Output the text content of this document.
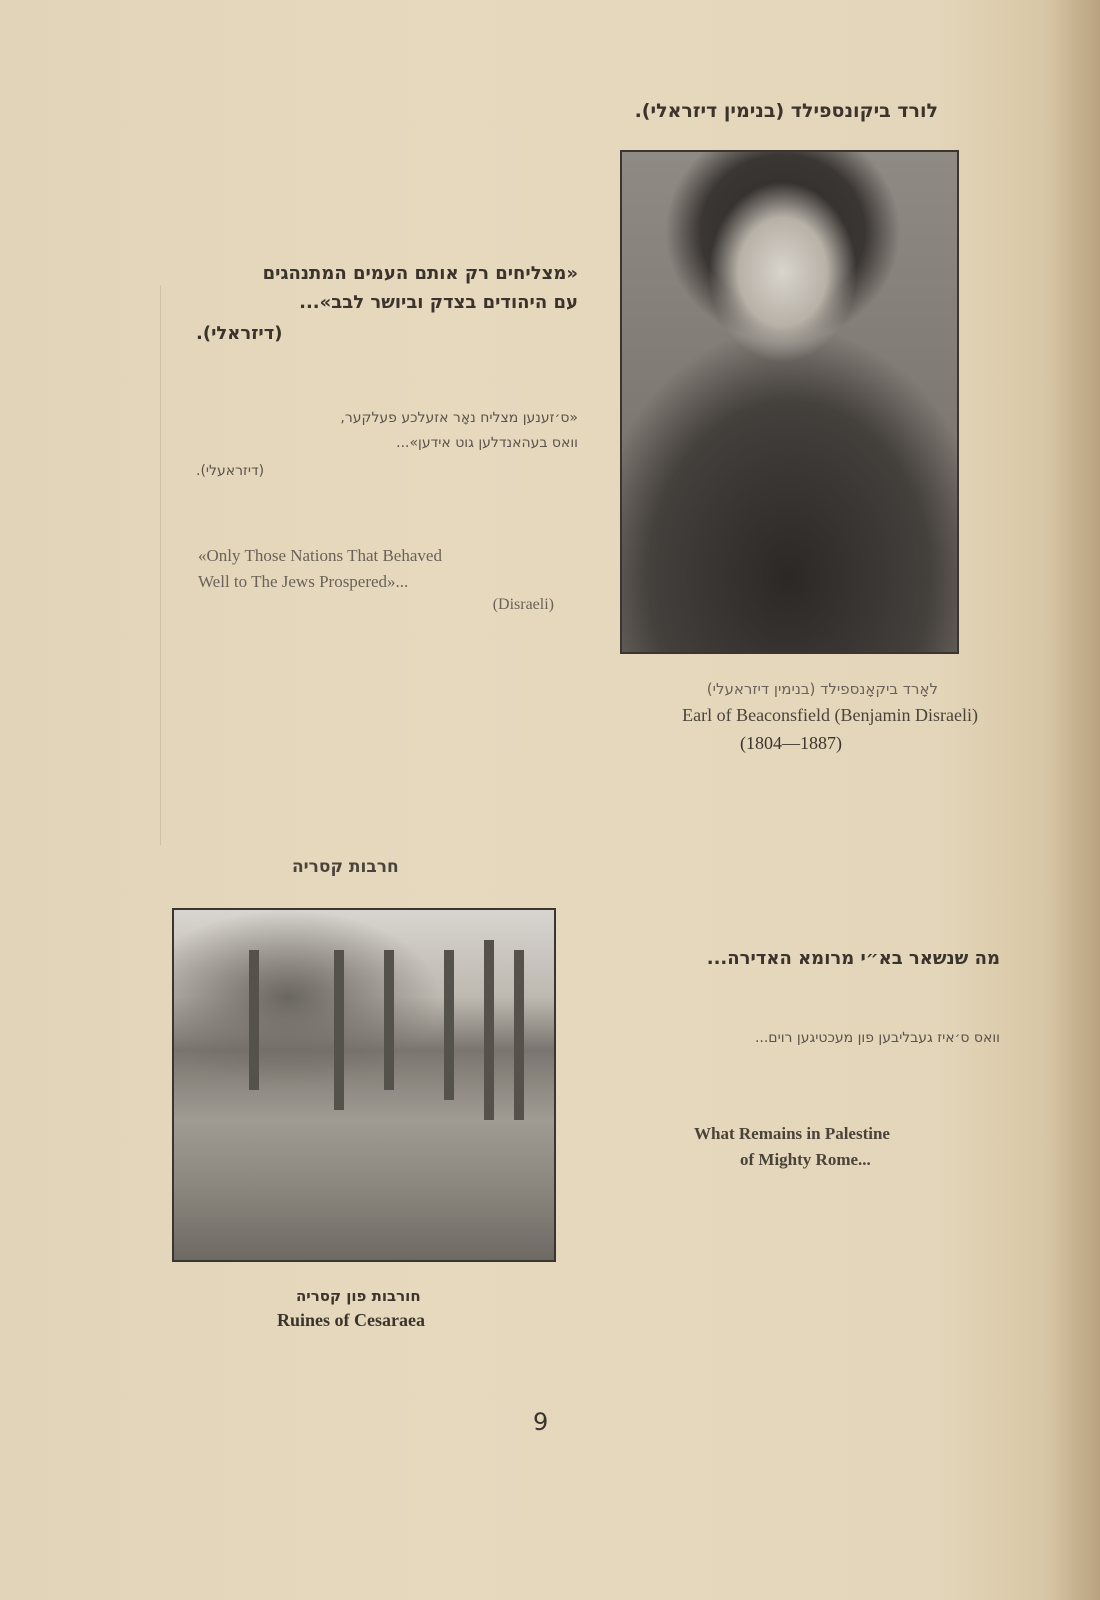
לורד ביקונספילד (בנימין דיזראלי).
«מצליחים רק אותם העמים המתנהגים
עם היהודים בצדק וביושר לבב»...
(דיזראלי).
«ס׳זענען מצליח נאָר אזעלכע פעלקער,
וואס בעהאנדלען גוט אידען»...
(דיזראעלי).
«Only Those Nations That Behaved
Well to The Jews Prospered»...
(Disraeli)
לאָרד ביקאָנספילד (בנימין דיזראעלי)
Earl of Beaconsfield (Benjamin Disraeli)
(1804—1887)
חרבות קסריה
מה שנשאר בא״י מרומא האדירה...
וואס ס׳איז געבליבען פון מעכטיגען רוים...
What Remains in Palestine
of Mighty Rome...
חורבות פון קסריה
Ruines of Cesaraea
9
